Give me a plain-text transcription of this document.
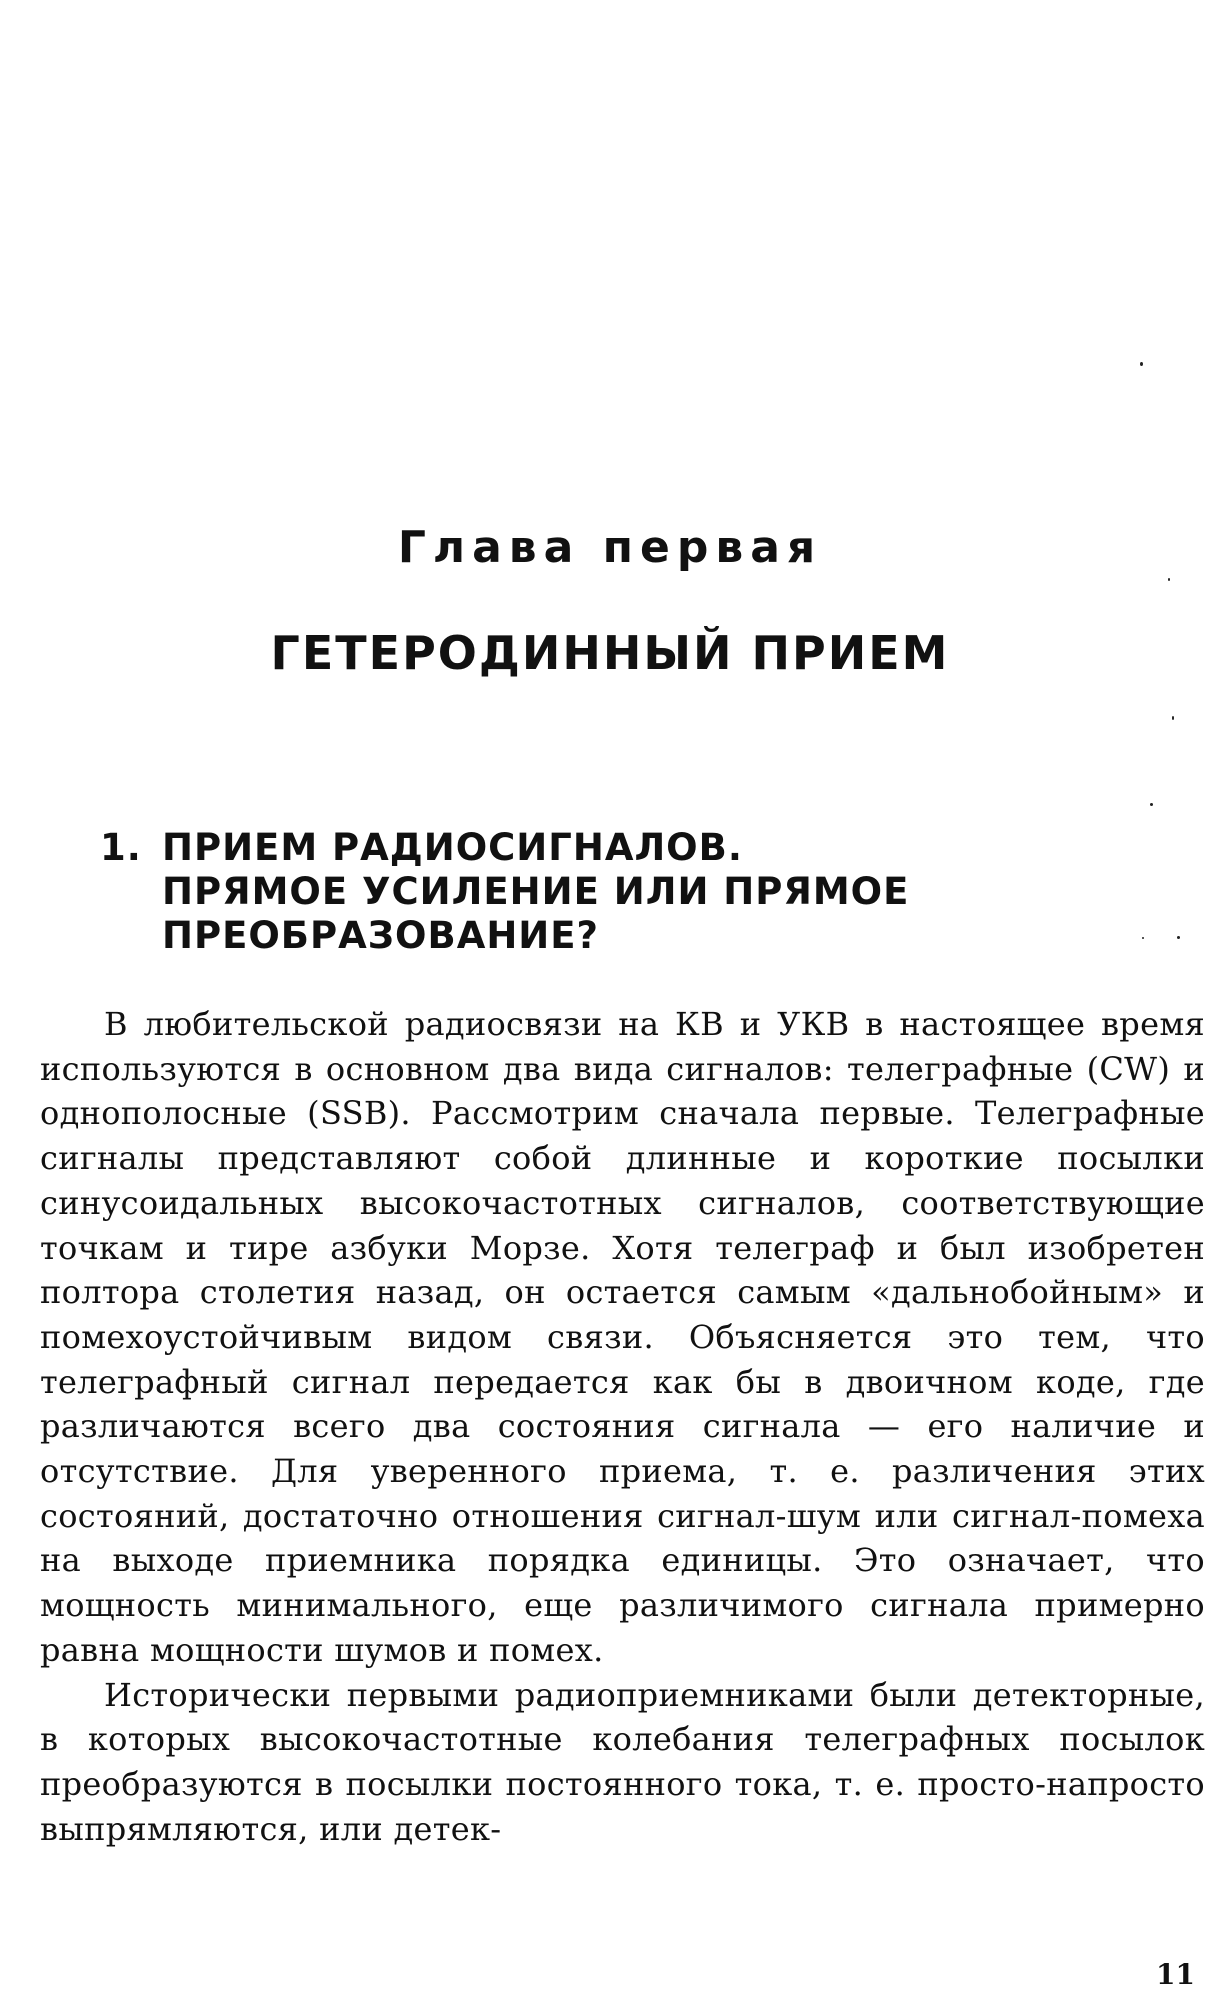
Глава первая
ГЕТЕРОДИННЫЙ ПРИЕМ
1. ПРИЕМ РАДИОСИГНАЛОВ.
ПРЯМОЕ УСИЛЕНИЕ ИЛИ ПРЯМОЕ
ПРЕОБРАЗОВАНИЕ?

В любительской радиосвязи на КВ и УКВ в настоящее время используются в основном два вида сигналов: телеграфные (CW) и однополосные (SSB). Рассмотрим сначала первые. Телеграфные сигналы представляют собой длинные и короткие посылки синусоидальных высокочастотных сигналов, соответствующие точкам и тире азбуки Морзе. Хотя телеграф и был изобретен полтора столетия назад, он остается самым «дальнобойным» и помехоустойчивым видом связи. Объясняется это тем, что телеграфный сигнал передается как бы в двоичном коде, где различаются всего два состояния сигнала — его наличие и отсутствие. Для уверенного приема, т. е. различения этих состояний, достаточно отношения сигнал-шум или сигнал-помеха на выходе приемника порядка единицы. Это означает, что мощность минимального, еще различимого сигнала примерно равна мощности шумов и помех.

Исторически первыми радиоприемниками были детекторные, в которых высокочастотные колебания телеграфных посылок преобразуются в посылки постоянного тока, т. е. просто-напросто выпрямляются, или детек-

11
